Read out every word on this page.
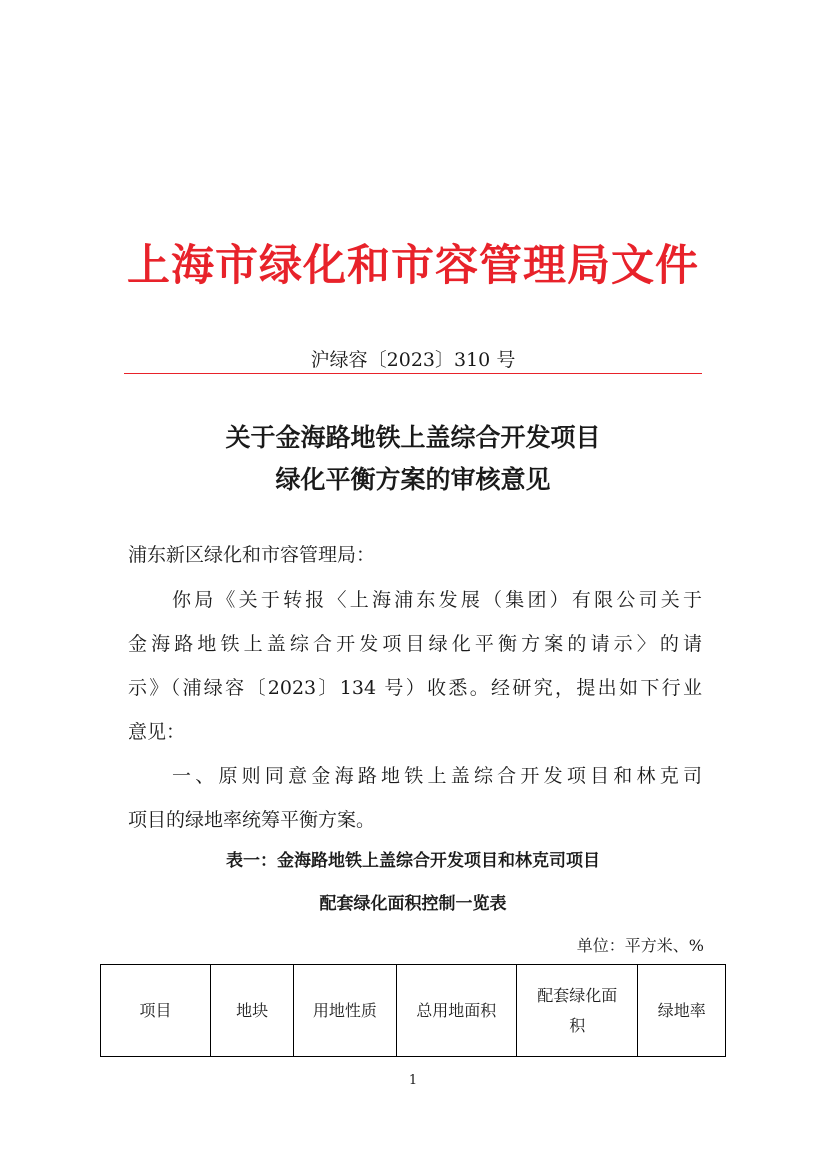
上海市绿化和市容管理局文件
沪绿容〔2023〕310 号
关于金海路地铁上盖综合开发项目
绿化平衡方案的审核意见
浦东新区绿化和市容管理局：
你局《关于转报〈上海浦东发展（集团）有限公司关于
金海路地铁上盖综合开发项目绿化平衡方案的请示〉的请
示》（浦绿容〔2023〕134 号）收悉。经研究，提出如下行业
意见：
一、原则同意金海路地铁上盖综合开发项目和林克司
项目的绿地率统筹平衡方案。
表一：金海路地铁上盖综合开发项目和林克司项目
配套绿化面积控制一览表
单位：平方米、%
项目	地块	用地性质	总用地面积	配套绿化面积	绿地率
1
